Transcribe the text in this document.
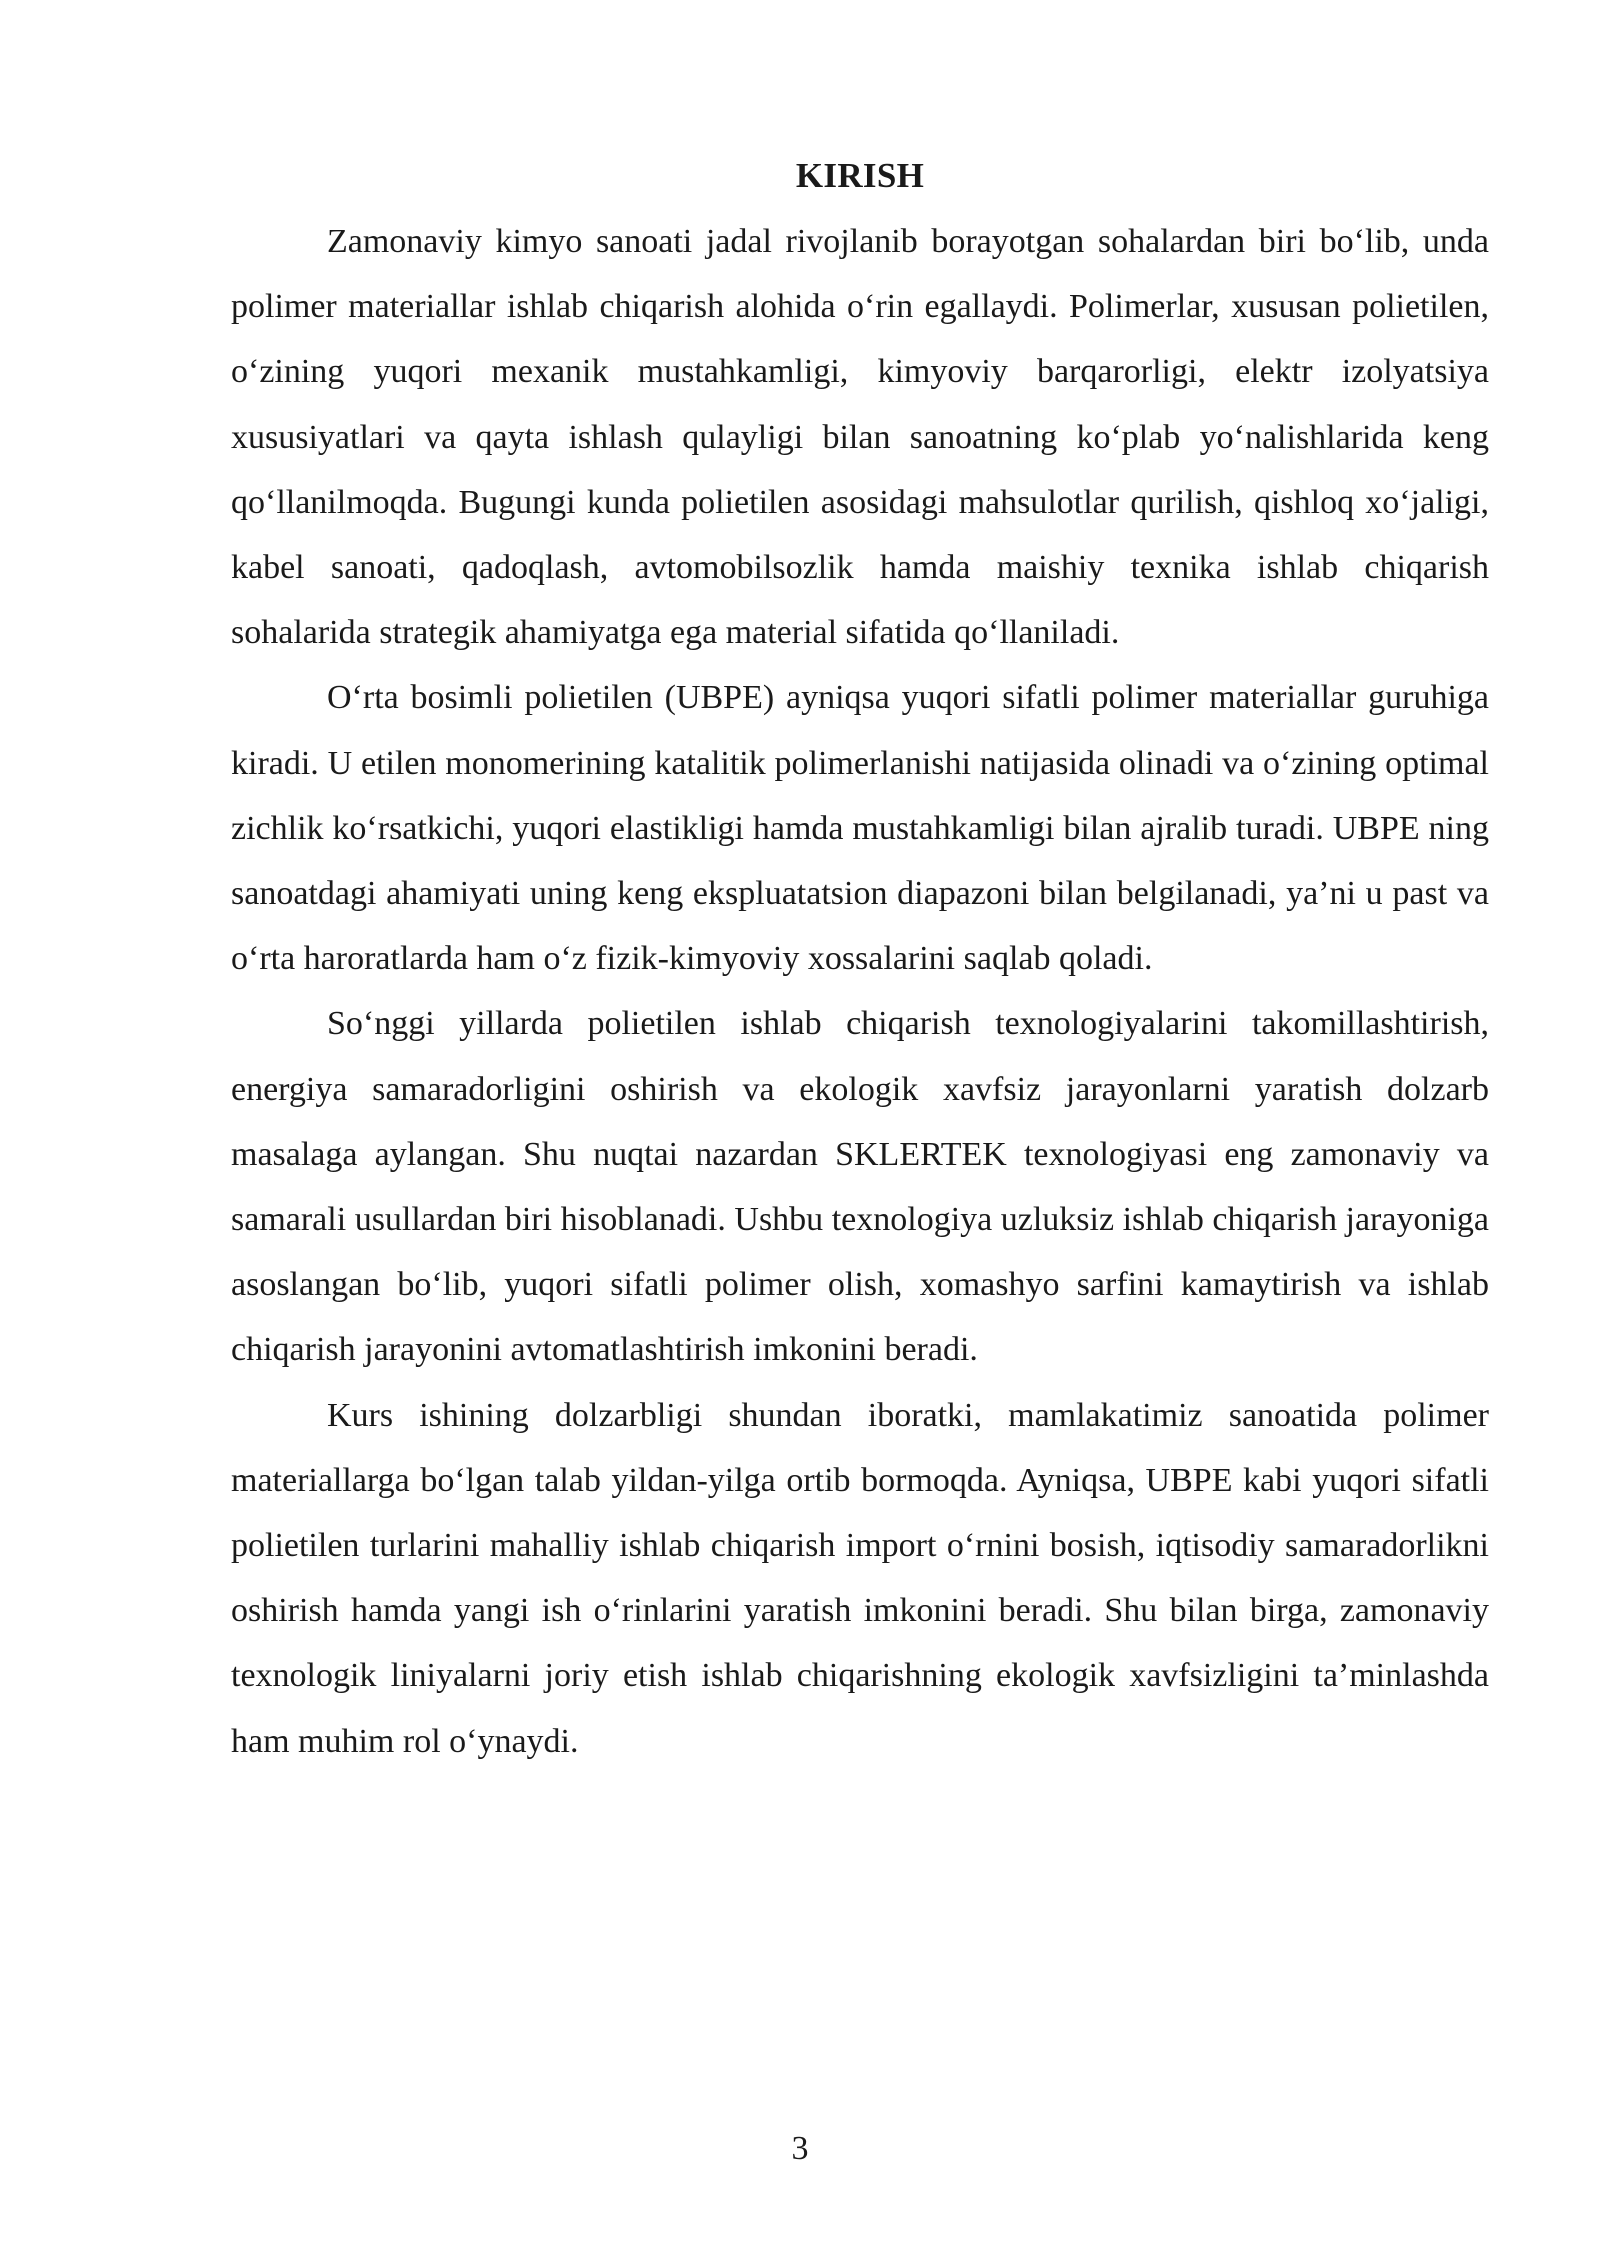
KIRISH

Zamonaviy kimyo sanoati jadal rivojlanib borayotgan sohalardan biri bo‘lib, unda polimer materiallar ishlab chiqarish alohida o‘rin egallaydi. Polimerlar, xususan polietilen, o‘zining yuqori mexanik mustahkamligi, kimyoviy barqarorligi, elektr izolyatsiya xususiyatlari va qayta ishlash qulayligi bilan sanoatning ko‘plab yo‘nalishlarida keng qo‘llanilmoqda. Bugungi kunda polietilen asosidagi mahsulotlar qurilish, qishloq xo‘jaligi, kabel sanoati, qadoqlash, avtomobilsozlik hamda maishiy texnika ishlab chiqarish sohalarida strategik ahamiyatga ega material sifatida qo‘llaniladi.

O‘rta bosimli polietilen (UBPE) ayniqsa yuqori sifatli polimer materiallar guruhiga kiradi. U etilen monomerining katalitik polimerlanishi natijasida olinadi va o‘zining optimal zichlik ko‘rsatkichi, yuqori elastikligi hamda mustahkamligi bilan ajralib turadi. UBPE ning sanoatdagi ahamiyati uning keng ekspluatatsion diapazoni bilan belgilanadi, ya’ni u past va o‘rta haroratlarda ham o‘z fizik-kimyoviy xossalarini saqlab qoladi.

So‘nggi yillarda polietilen ishlab chiqarish texnologiyalarini takomillashtirish, energiya samaradorligini oshirish va ekologik xavfsiz jarayonlarni yaratish dolzarb masalaga aylangan. Shu nuqtai nazardan SKLERTEK texnologiyasi eng zamonaviy va samarali usullardan biri hisoblanadi. Ushbu texnologiya uzluksiz ishlab chiqarish jarayoniga asoslangan bo‘lib, yuqori sifatli polimer olish, xomashyo sarfini kamaytirish va ishlab chiqarish jarayonini avtomatlashtirish imkonini beradi.

Kurs ishining dolzarbligi shundan iboratki, mamlakatimiz sanoatida polimer materiallarga bo‘lgan talab yildan-yilga ortib bormoqda. Ayniqsa, UBPE kabi yuqori sifatli polietilen turlarini mahalliy ishlab chiqarish import o‘rnini bosish, iqtisodiy samaradorlikni oshirish hamda yangi ish o‘rinlarini yaratish imkonini beradi. Shu bilan birga, zamonaviy texnologik liniyalarni joriy etish ishlab chiqarishning ekologik xavfsizligini ta’minlashda ham muhim rol o‘ynaydi.

3
